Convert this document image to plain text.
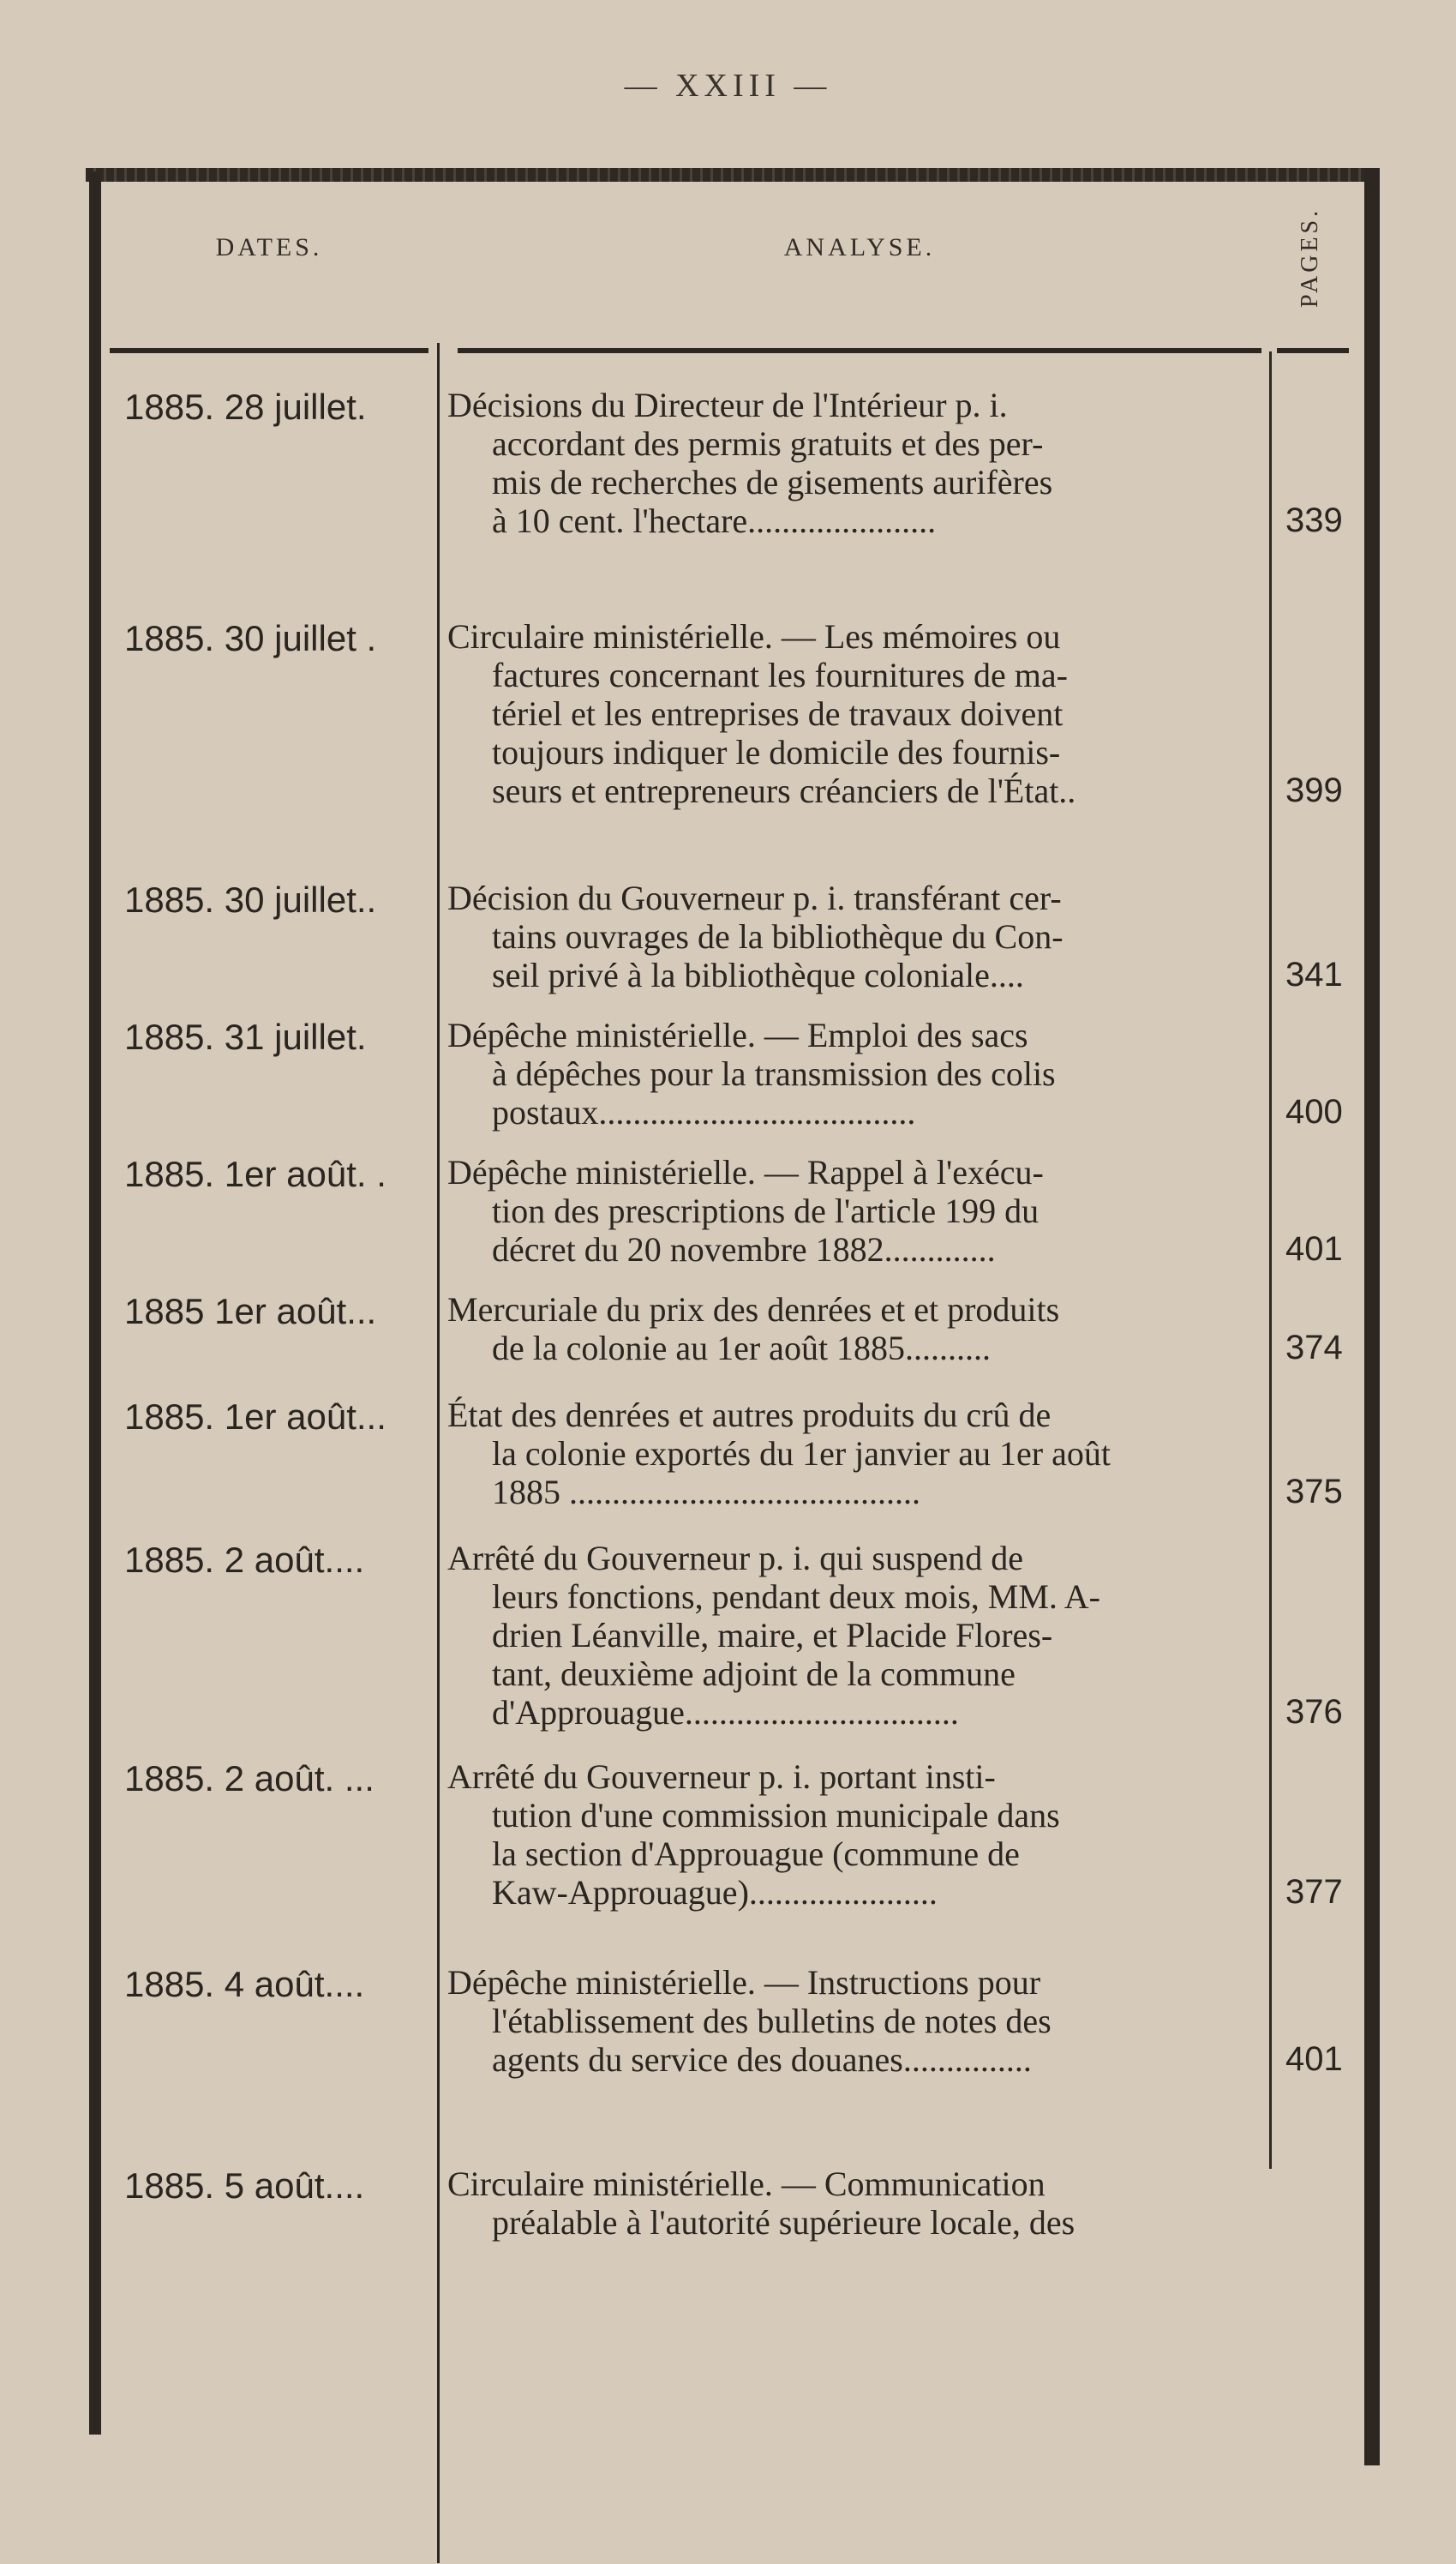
— XXIII —
DATES.	ANALYSE.	PAGES.
1885. 28 juillet.	Décisions du Directeur de l'Intérieur p. i.
accordant des permis gratuits et des per-
mis de recherches de gisements aurifères
à 10 cent. l'hectare......................	339
1885. 30 juillet .	Circulaire ministérielle. — Les mémoires ou
factures concernant les fournitures de ma-
tériel et les entreprises de travaux doivent
toujours indiquer le domicile des fournis-
seurs et entrepreneurs créanciers de l'État..	399
1885. 30 juillet..	Décision du Gouverneur p. i. transférant cer-
tains ouvrages de la bibliothèque du Con-
seil privé à la bibliothèque coloniale....	341
1885. 31 juillet.	Dépêche ministérielle. — Emploi des sacs
à dépêches pour la transmission des colis
postaux.....................................	400
1885. 1er août. .	Dépêche ministérielle. — Rappel à l'exécu-
tion des prescriptions de l'article 199 du
décret du 20 novembre 1882.............	401
1885 1er août...	Mercuriale du prix des denrées et et produits
de la colonie au 1er août 1885..........	374
1885. 1er août...	État des denrées et autres produits du crû de
la colonie exportés du 1er janvier au 1er août
1885 .........................................	375
1885. 2 août....	Arrêté du Gouverneur p. i. qui suspend de
leurs fonctions, pendant deux mois, MM. A-
drien Léanville, maire, et Placide Flores-
tant, deuxième adjoint de la commune
d'Approuague................................	376
1885. 2 août. ...	Arrêté du Gouverneur p. i. portant insti-
tution d'une commission municipale dans
la section d'Approuague (commune de
Kaw-Approuague)......................	377
1885. 4 août....	Dépêche ministérielle. — Instructions pour
l'établissement des bulletins de notes des
agents du service des douanes...............	401
1885. 5 août....	Circulaire ministérielle. — Communication
préalable à l'autorité supérieure locale, des
